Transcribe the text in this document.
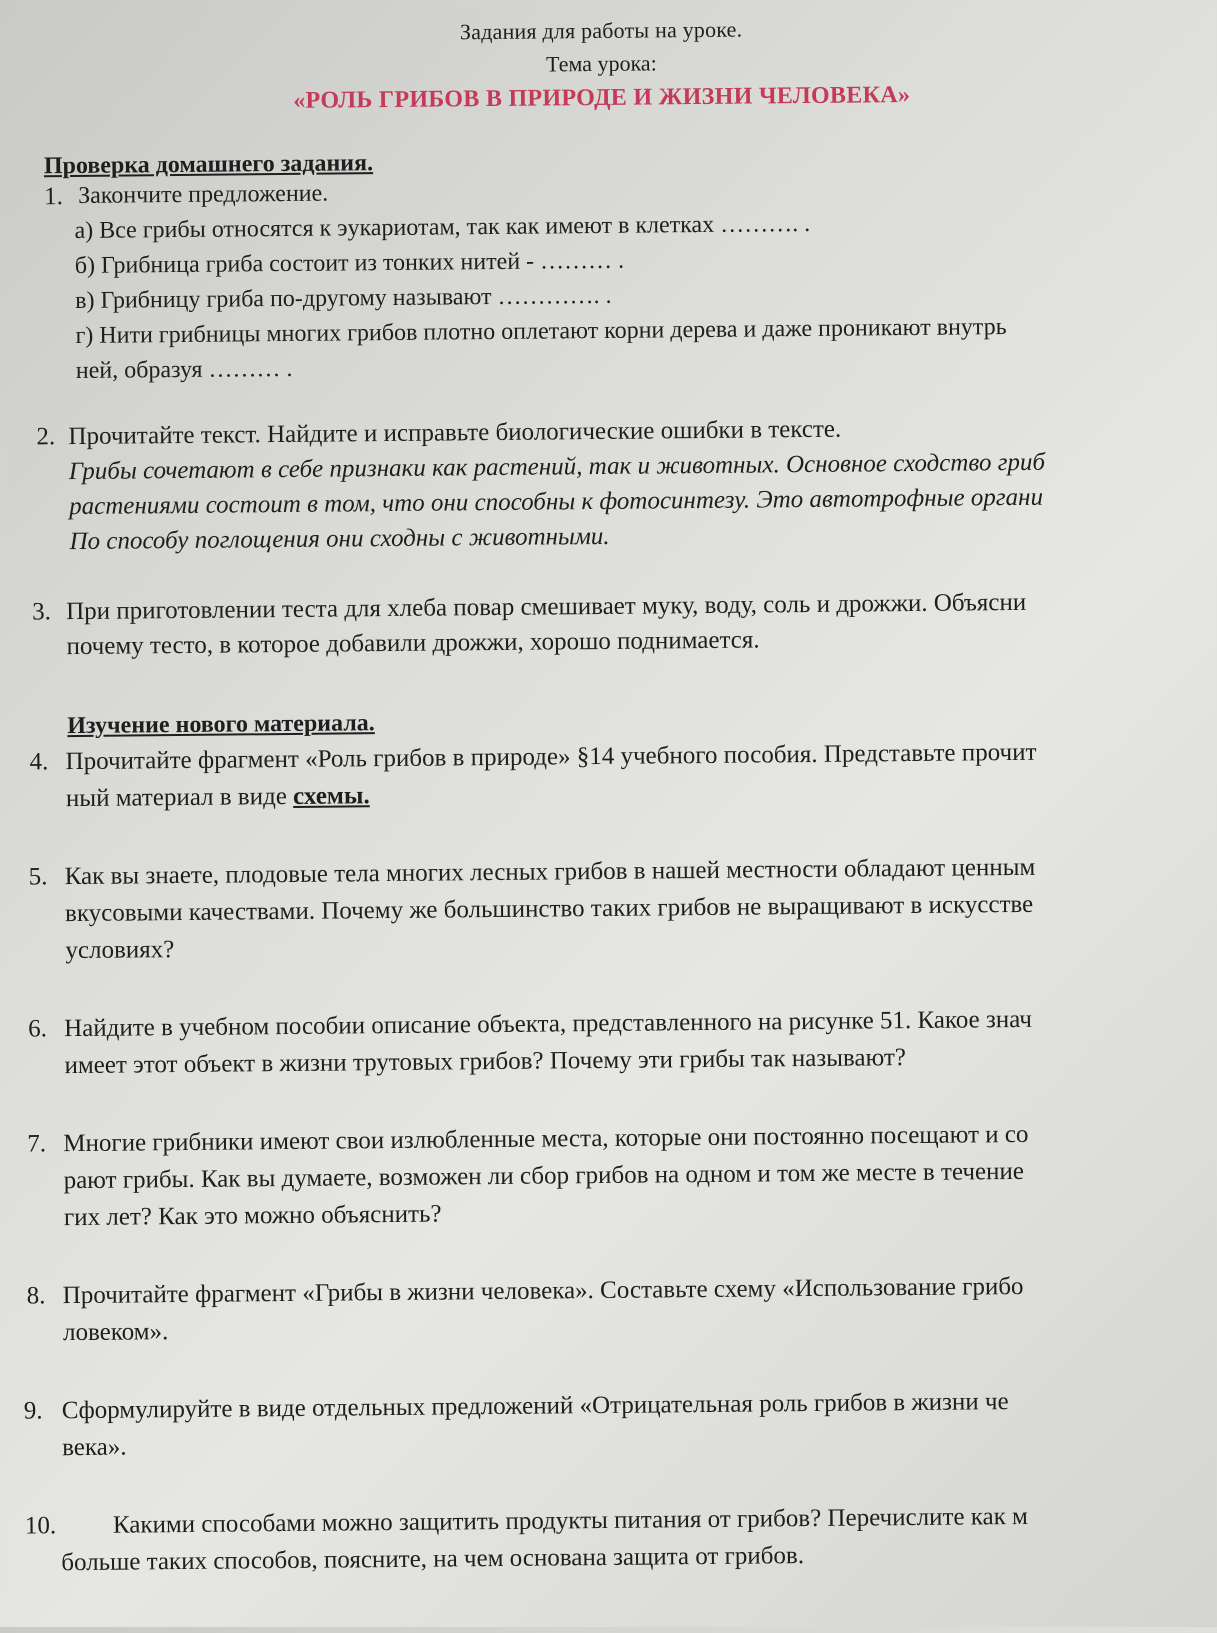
Задания для работы на уроке.
Тема урока:
«РОЛЬ ГРИБОВ В ПРИРОДЕ И ЖИЗНИ ЧЕЛОВЕКА»
Проверка домашнего задания.
1. Закончите предложение.
а) Все грибы относятся к эукариотам, так как имеют в клетках ………. .
б) Грибница гриба состоит из тонких нитей - ……… .
в) Грибницу гриба по-другому называют …………. .
г) Нити грибницы многих грибов плотно оплетают корни дерева и даже проникают внутрь
ней, образуя ……… .
2. Прочитайте текст. Найдите и исправьте биологические ошибки в тексте.
Грибы сочетают в себе признаки как растений, так и животных. Основное сходство гриб
растениями состоит в том, что они способны к фотосинтезу. Это автотрофные органи
По способу поглощения они сходны с животными.
3. При приготовлении теста для хлеба повар смешивает муку, воду, соль и дрожжи. Объясни
почему тесто, в которое добавили дрожжи, хорошо поднимается.
Изучение нового материала.
4. Прочитайте фрагмент «Роль грибов в природе» §14 учебного пособия. Представьте прочит
ный материал в виде схемы.
5. Как вы знаете, плодовые тела многих лесных грибов в нашей местности обладают ценным
вкусовыми качествами. Почему же большинство таких грибов не выращивают в искусстве
условиях?
6. Найдите в учебном пособии описание объекта, представленного на рисунке 51. Какое знач
имеет этот объект в жизни трутовых грибов? Почему эти грибы так называют?
7. Многие грибники имеют свои излюбленные места, которые они постоянно посещают и со
рают грибы. Как вы думаете, возможен ли сбор грибов на одном и том же месте в течение
гих лет? Как это можно объяснить?
8. Прочитайте фрагмент «Грибы в жизни человека». Составьте схему «Использование грибо
ловеком».
9. Сформулируйте в виде отдельных предложений «Отрицательная роль грибов в жизни че
века».
10. Какими способами можно защитить продукты питания от грибов? Перечислите как м
больше таких способов, поясните, на чем основана защита от грибов.
